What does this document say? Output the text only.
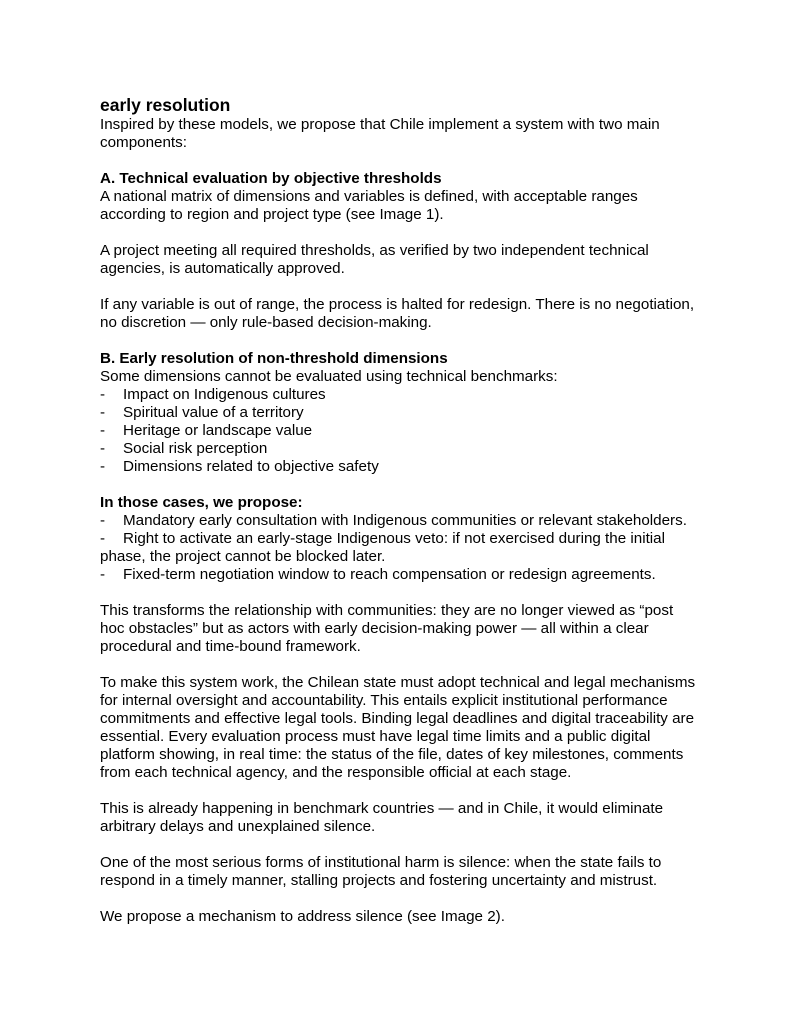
early resolution

Inspired by these models, we propose that Chile implement a system with two main components:

A. Technical evaluation by objective thresholds

A national matrix of dimensions and variables is defined, with acceptable ranges according to region and project type (see Image 1).

A project meeting all required thresholds, as verified by two independent technical agencies, is automatically approved.

If any variable is out of range, the process is halted for redesign. There is no negotiation, no discretion — only rule-based decision-making.

B. Early resolution of non-threshold dimensions

Some dimensions cannot be evaluated using technical benchmarks:

- Impact on Indigenous cultures
- Spiritual value of a territory
- Heritage or landscape value
- Social risk perception
- Dimensions related to objective safety

In those cases, we propose:

- Mandatory early consultation with Indigenous communities or relevant stakeholders.
- Right to activate an early-stage Indigenous veto: if not exercised during the initial phase, the project cannot be blocked later.
- Fixed-term negotiation window to reach compensation or redesign agreements.

This transforms the relationship with communities: they are no longer viewed as “post hoc obstacles” but as actors with early decision-making power — all within a clear procedural and time-bound framework.

To make this system work, the Chilean state must adopt technical and legal mechanisms for internal oversight and accountability. This entails explicit institutional performance commitments and effective legal tools. Binding legal deadlines and digital traceability are essential. Every evaluation process must have legal time limits and a public digital platform showing, in real time: the status of the file, dates of key milestones, comments from each technical agency, and the responsible official at each stage.

This is already happening in benchmark countries — and in Chile, it would eliminate arbitrary delays and unexplained silence.

One of the most serious forms of institutional harm is silence: when the state fails to respond in a timely manner, stalling projects and fostering uncertainty and mistrust.

We propose a mechanism to address silence (see Image 2).
